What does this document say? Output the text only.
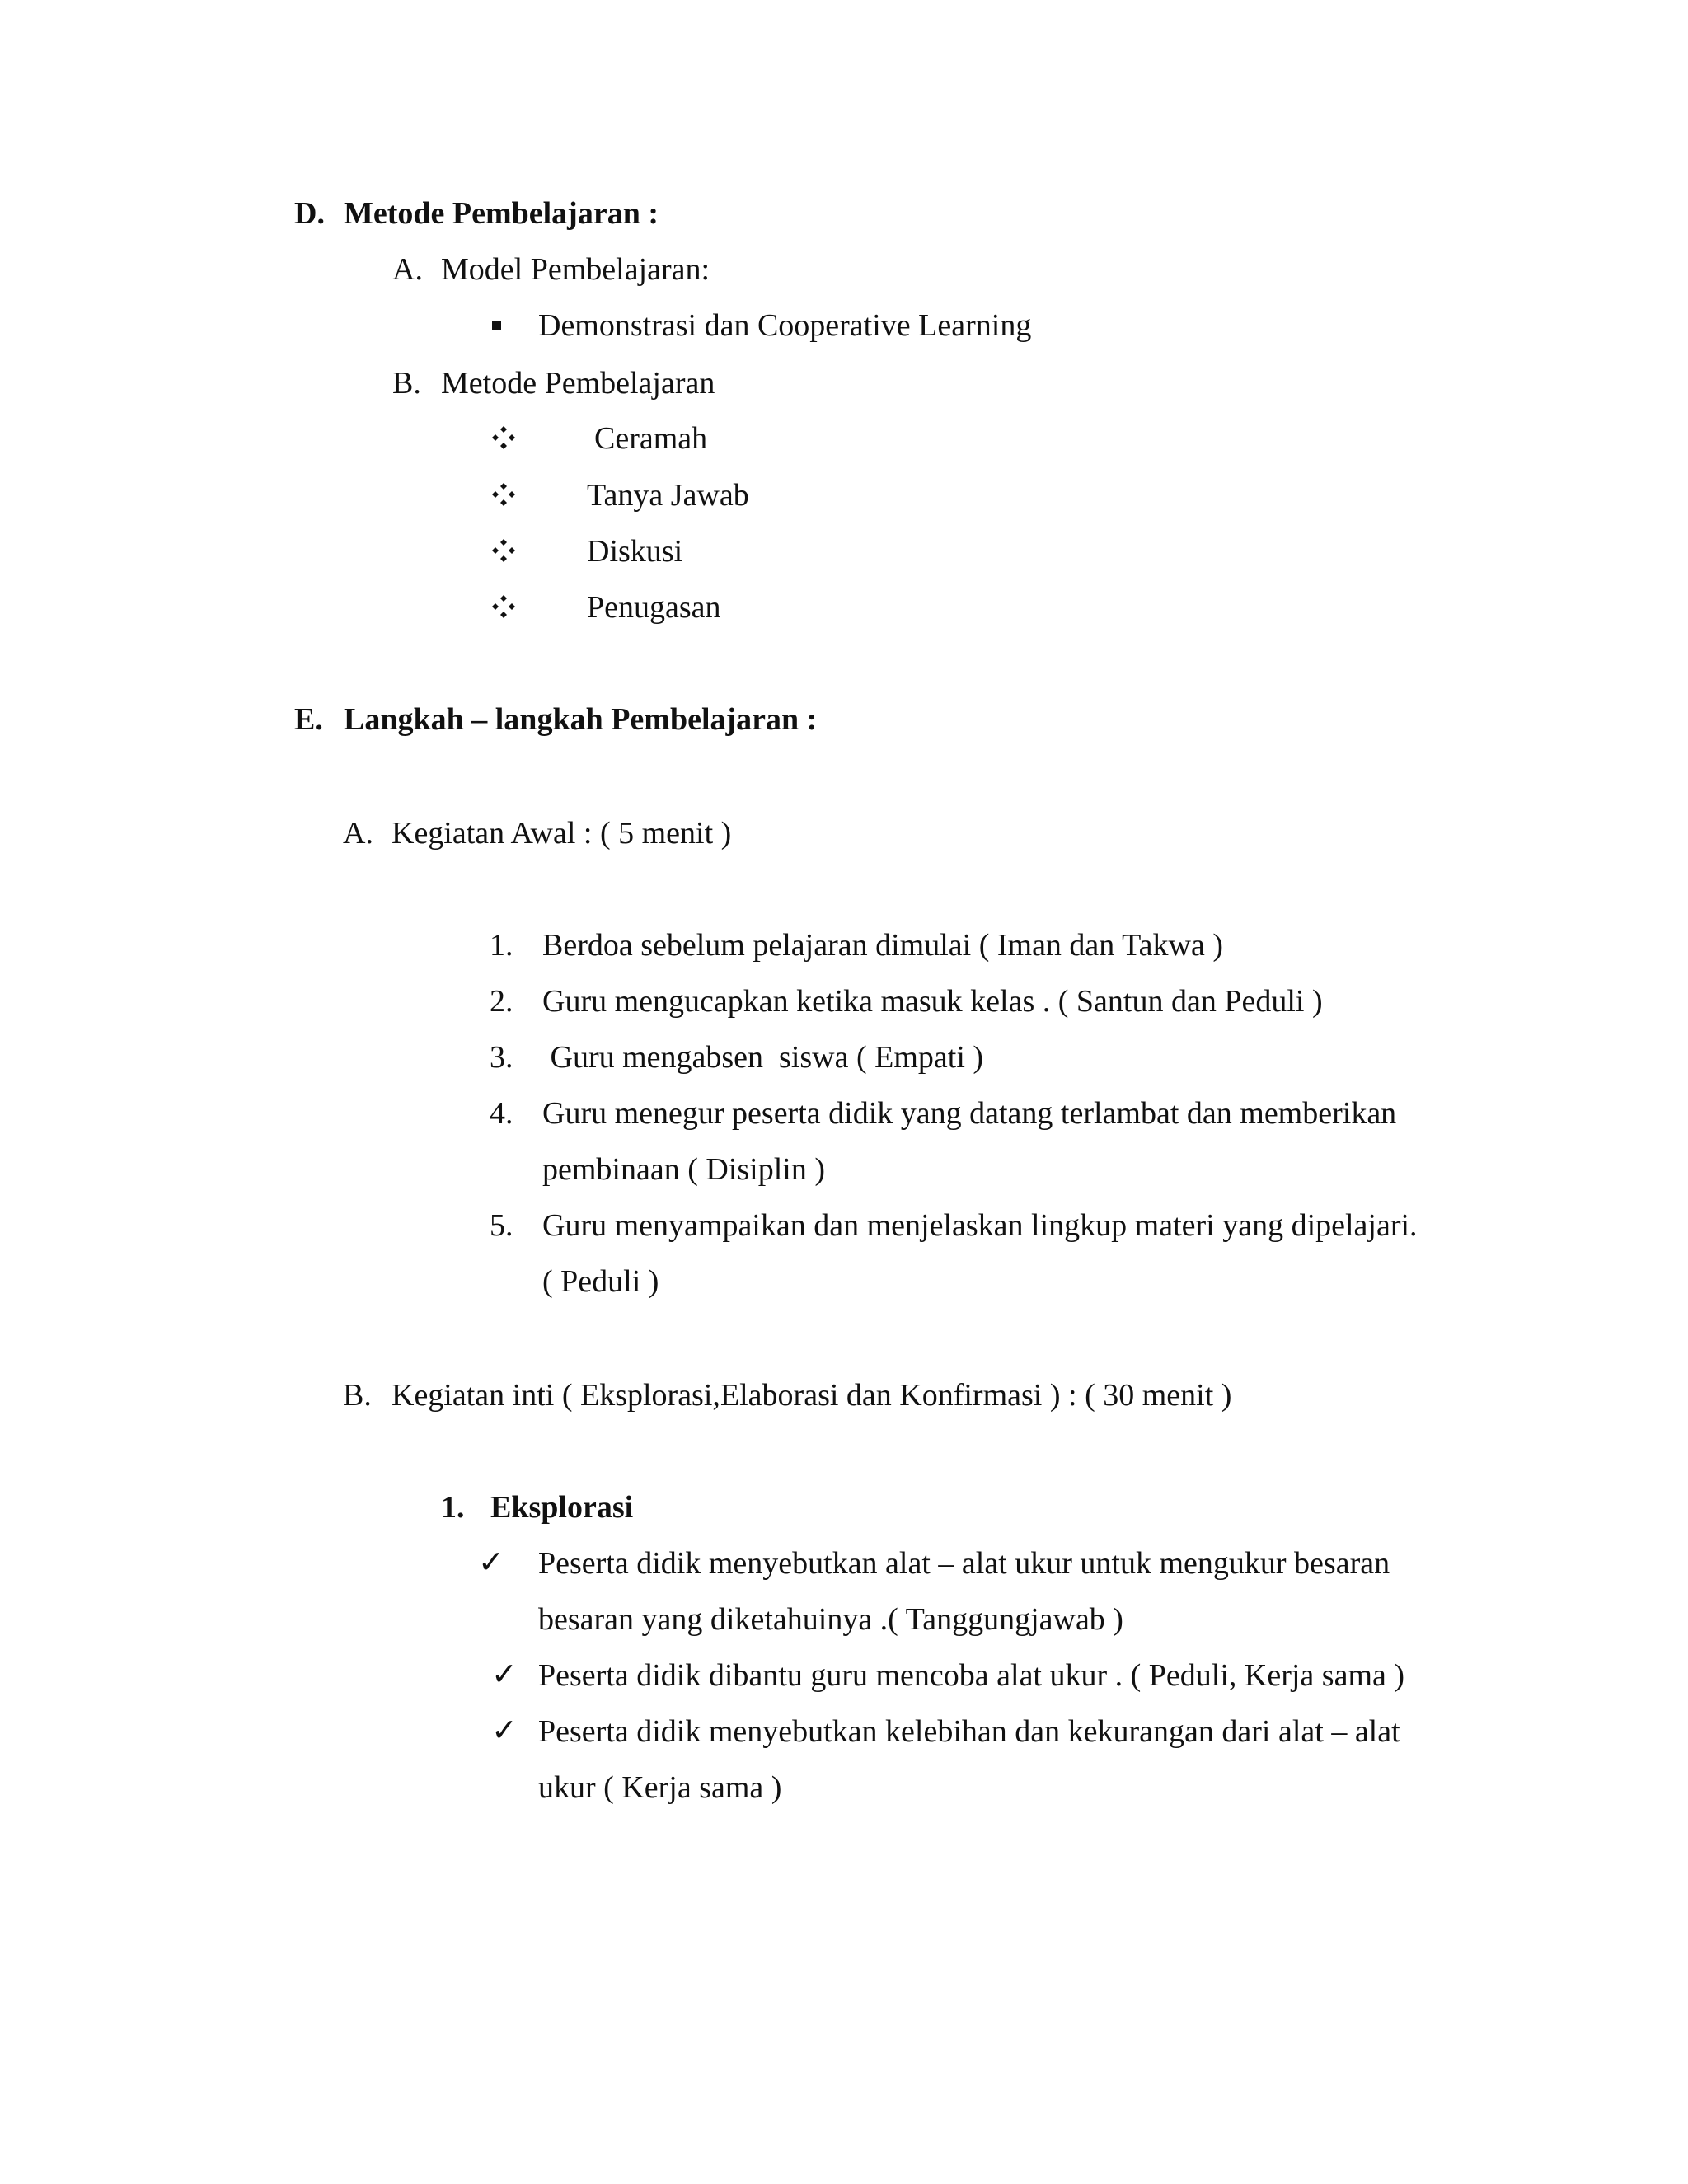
D. Metode Pembelajaran :
A. Model Pembelajaran:
Demonstrasi dan Cooperative Learning
B. Metode Pembelajaran
Ceramah
Tanya Jawab
Diskusi
Penugasan
E. Langkah – langkah Pembelajaran :
A. Kegiatan Awal : ( 5 menit )
1. Berdoa sebelum pelajaran dimulai ( Iman dan Takwa )
2. Guru mengucapkan ketika masuk kelas . ( Santun dan Peduli )
3. Guru mengabsen  siswa ( Empati )
4. Guru menegur peserta didik yang datang terlambat dan memberikan
pembinaan ( Disiplin )
5. Guru menyampaikan dan menjelaskan lingkup materi yang dipelajari.
( Peduli )
B. Kegiatan inti ( Eksplorasi,Elaborasi dan Konfirmasi ) : ( 30 menit )
1. Eksplorasi
✓ Peserta didik menyebutkan alat – alat ukur untuk mengukur besaran
besaran yang diketahuinya .( Tanggungjawab )
✓ Peserta didik dibantu guru mencoba alat ukur . ( Peduli, Kerja sama )
✓ Peserta didik menyebutkan kelebihan dan kekurangan dari alat – alat
ukur ( Kerja sama )
